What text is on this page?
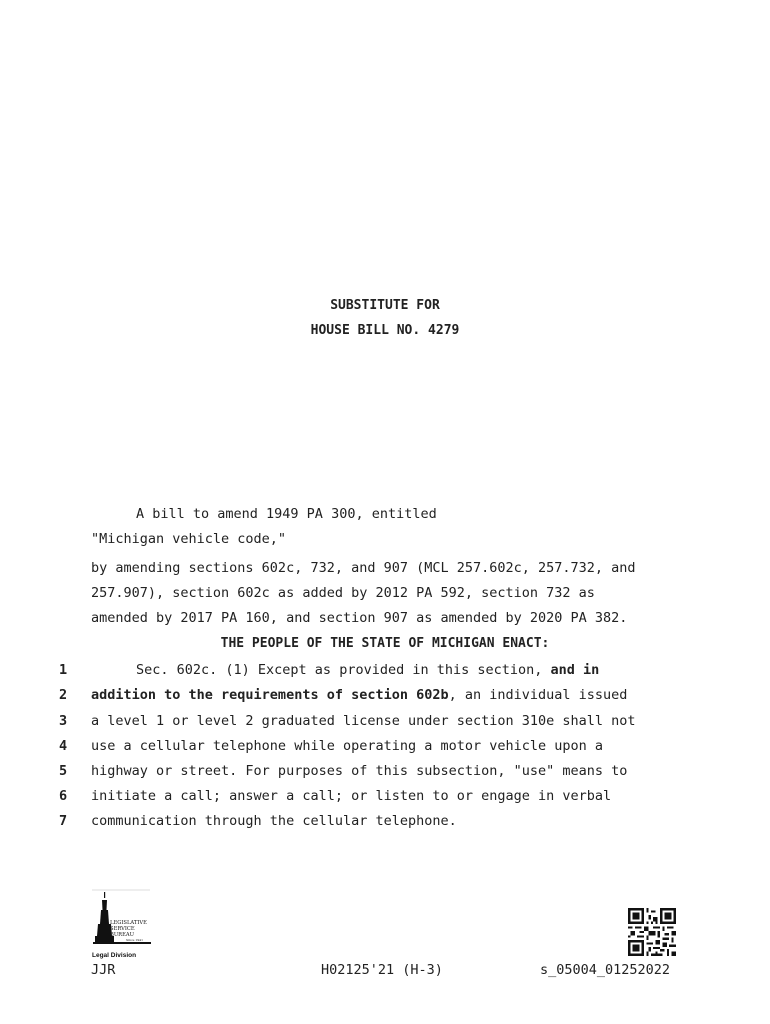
SUBSTITUTE FOR
HOUSE BILL NO. 4279
A bill to amend 1949 PA 300, entitled
"Michigan vehicle code,"
by amending sections 602c, 732, and 907 (MCL 257.602c, 257.732, and
257.907), section 602c as added by 2012 PA 592, section 732 as
amended by 2017 PA 160, and section 907 as amended by 2020 PA 382.
THE PEOPLE OF THE STATE OF MICHIGAN ENACT:
1	Sec. 602c. (1) Except as provided in this section, and in
2 addition to the requirements of section 602b, an individual issued
3 a level 1 or level 2 graduated license under section 310e shall not
4 use a cellular telephone while operating a motor vehicle upon a
5 highway or street. For purposes of this subsection, "use" means to
6 initiate a call; answer a call; or listen to or engage in verbal
7 communication through the cellular telephone.
LEGISLATIVE
SERVICE
BUREAU
Since 1941
Legal Division
JJR	H02125'21 (H-3)	s_05004_01252022
